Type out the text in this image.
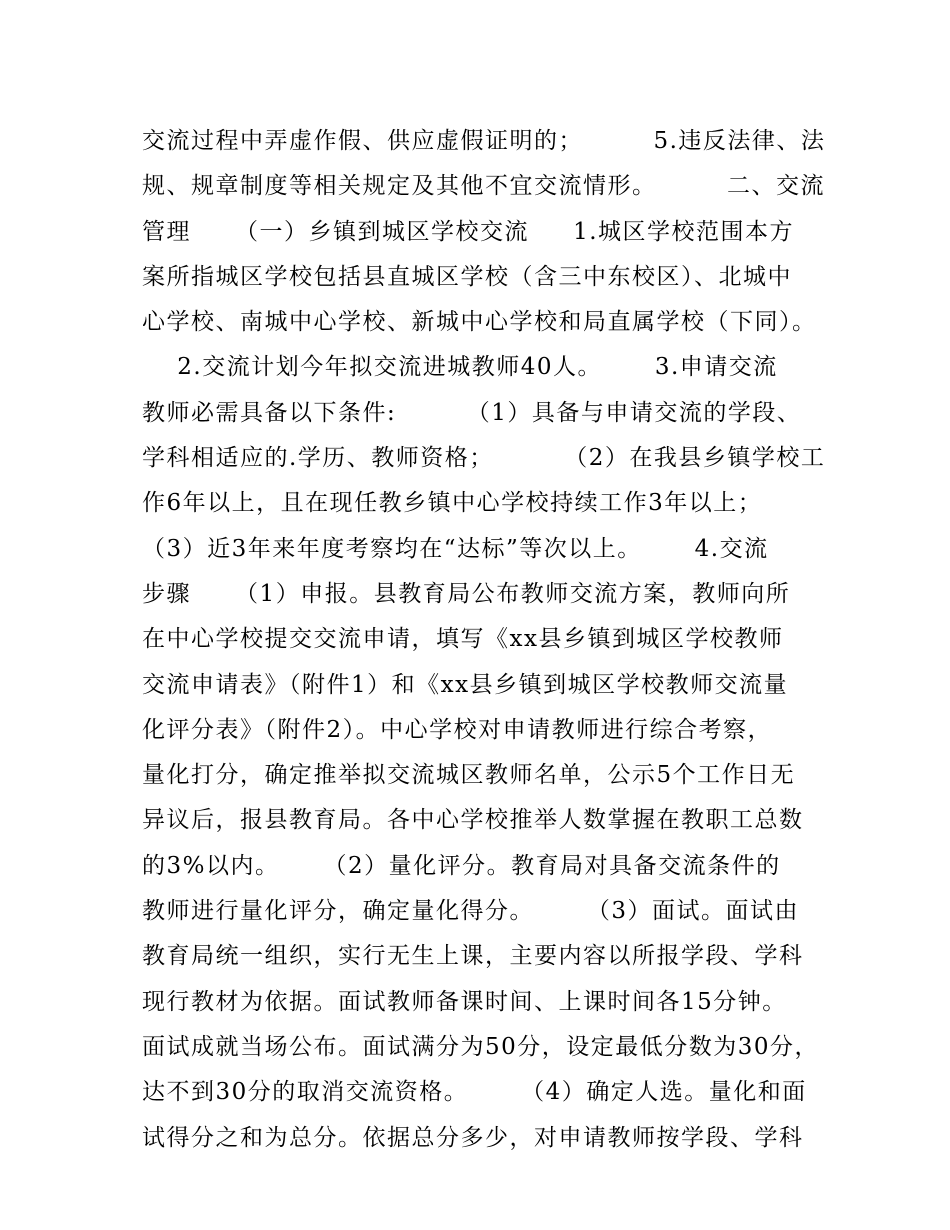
交流过程中弄虚作假、供应虚假证明的；        5.违反法律、法
规、规章制度等相关规定及其他不宜交流情形。        二、交流
管理     （一）乡镇到城区学校交流     1.城区学校范围本方
案所指城区学校包括县直城区学校（含三中东校区）、北城中
心学校、南城中心学校、新城中心学校和局直属学校（下同）。
2.交流计划今年拟交流进城教师40人。      3.申请交流
教师必需具备以下条件:        （1）具备与申请交流的学段、
学科相适应的.学历、教师资格；        （2）在我县乡镇学校工
作6年以上，且在现任教乡镇中心学校持续工作3年以上；
（3）近3年来年度考察均在“达标”等次以上。      4.交流
步骤     （1）申报。县教育局公布教师交流方案，教师向所
在中心学校提交交流申请，填写《xx县乡镇到城区学校教师
交流申请表》（附件1）和《xx县乡镇到城区学校教师交流量
化评分表》（附件2）。中心学校对申请教师进行综合考察，
量化打分，确定推举拟交流城区教师名单，公示5个工作日无
异议后，报县教育局。各中心学校推举人数掌握在教职工总数
的3%以内。     （2）量化评分。教育局对具备交流条件的
教师进行量化评分，确定量化得分。      （3）面试。面试由
教育局统一组织，实行无生上课，主要内容以所报学段、学科
现行教材为依据。面试教师备课时间、上课时间各15分钟。
面试成就当场公布。面试满分为50分，设定最低分数为30分，
达不到30分的取消交流资格。      （4）确定人选。量化和面
试得分之和为总分。依据总分多少，对申请教师按学段、学科
